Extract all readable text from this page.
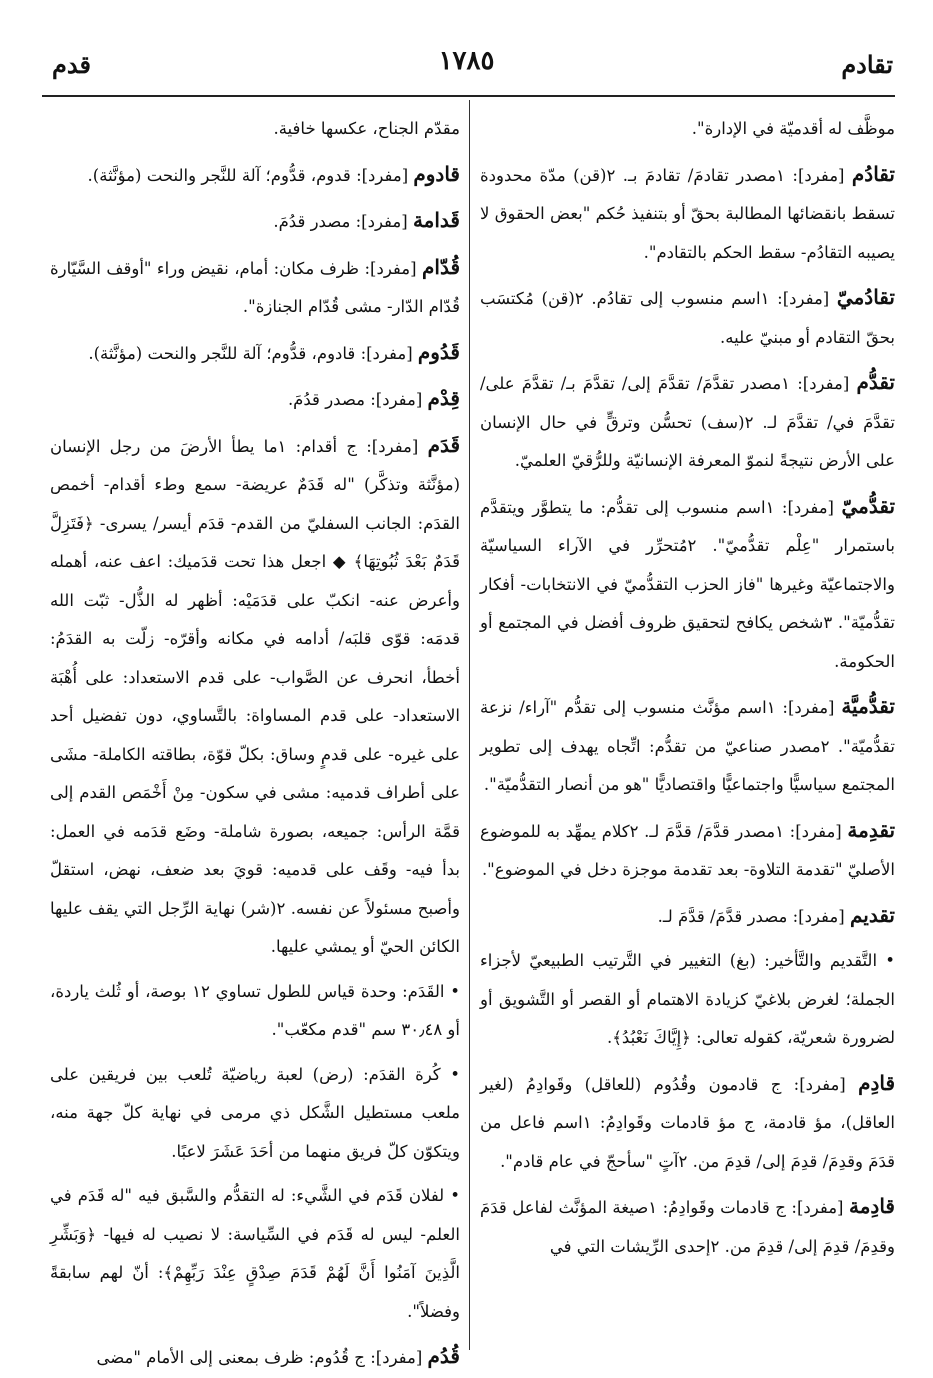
تقادم
١٧٨٥
قدم

موظَّف له أقدميّة في الإدارة".

تقادُم [مفرد]: ١مصدر تقادمَ/ تقادمَ بـ. ٢(قن) مدّة محدودة تسقط بانقضائها المطالبة بحقّ أو بتنفيذ حُكم "بعض الحقوق لا يصيبه التقادُم- سقط الحكم بالتقادم".

تقادُميّ [مفرد]: ١اسم منسوب إلى تقادُم. ٢(قن) مُكتسَب بحقّ التقادم أو مبنيّ عليه.

تقدُّم [مفرد]: ١مصدر تقدَّمَ/ تقدَّمَ إلى/ تقدَّمَ بـ/ تقدَّمَ على/ تقدَّمَ في/ تقدَّمَ لـ. ٢(سف) تحسُّن وترقٍّ في حال الإنسان على الأرض نتيجةً لنموّ المعرفة الإنسانيّة وللرُّقيّ العلميّ.

تقدُّميّ [مفرد]: ١اسم منسوب إلى تقدُّم: ما يتطوَّر ويتقدَّم باستمرار "عِلْم تقدُّميّ". ٢مُتحرِّر في الآراء السياسيّة والاجتماعيّة وغيرها "فاز الحزب التقدُّميّ في الانتخابات- أفكار تقدُّميّة". ٣شخص يكافح لتحقيق ظروف أفضل في المجتمع أو الحكومة.

تقدُّميَّة [مفرد]: ١اسم مؤنَّث منسوب إلى تقدُّم "آراء/ نزعة تقدُّميّة". ٢مصدر صناعيّ من تقدُّم: اتِّجاه يهدف إلى تطوير المجتمع سياسيًّا واجتماعيًّا واقتصاديًّا "هو من أنصار التقدُّميّة".

تقدِمة [مفرد]: ١مصدر قدَّمَ/ قدَّمَ لـ. ٢كلام يمهِّد به للموضوع الأصليّ "تقدمة التلاوة- بعد تقدمة موجزة دخل في الموضوع".

تقديم [مفرد]: مصدر قدَّمَ/ قدَّمَ لـ.

• التَّقديم والتَّأخير: (بغ) التغيير في التَّرتيب الطبيعيّ لأجزاء الجملة؛ لغرض بلاغيّ كزيادة الاهتمام أو القصر أو التَّشويق أو لضرورة شعريّة، كقوله تعالى: ﴿إِيَّاكَ نَعْبُدُ﴾.

قادِم [مفرد]: ج قادمون وقُدُوم (للعاقل) وقَوادِمُ (لغير العاقل)، مؤ قادمة، ج مؤ قادمات وقَوادِمُ: ١اسم فاعل من قدَمَ وقدِمَ/ قدِمَ إلى/ قدِمَ من. ٢آتٍ "سأحجّ في عام قادم".

قادِمة [مفرد]: ج قادمات وقَوادِمُ: ١صيغة المؤنَّث لفاعل قدَمَ وقدِمَ/ قدِمَ إلى/ قدِمَ من. ٢إحدى الرِّيشات التي في

مقدّم الجناح، عكسها خافية.

قادوم [مفرد]: قدوم، قدُّوم؛ آلة للنَّجر والنحت (مؤنَّثة).

قَدامة [مفرد]: مصدر قدُمَ.

قُدّام [مفرد]: ظرف مكان: أمام، نقيض وراء "أوقف السَّيّارة قُدّام الدّار- مشى قُدّام الجنازة".

قَدُوم [مفرد]: قادوم، قدُّوم؛ آلة للنَّجر والنحت (مؤنَّثة).

قِدْم [مفرد]: مصدر قدُمَ.

قَدَم [مفرد]: ج أقدام: ١ما يطأ الأرضَ من رجل الإنسان (مؤنَّثة وتذكَّر) "له قَدَمٌ عريضة- سمع وطء أقدام- أخمص القدَم: الجانب السفليّ من القدم- قدَم أيسر/ يسرى- ﴿فَتَزِلَّ قَدَمٌ بَعْدَ ثُبُوتِهَا﴾ ◆ اجعل هذا تحت قدَميك: اعف عنه، أهمله وأعرض عنه- انكبّ على قدَمَيْه: أظهر له الذُّل- ثبّت الله قدمَه: قوّى قلبَه/ أدامه في مكانه وأقرّه- زلّت به القدَمُ: أخطأ، انحرف عن الصَّواب- على قدم الاستعداد: على أُهْبَة الاستعداد- على قدم المساواة: بالتَّساوي، دون تفضيل أحد على غيره- على قدمٍ وساق: بكلّ قوّة، بطاقته الكاملة- مشَى على أطراف قدميه: مشى في سكون- مِنْ أَخْمَص القدم إلى قمَّة الرأس: جميعه، بصورة شاملة- وضَع قدَمه في العمل: بدأ فيه- وقَف على قدميه: قويَ بعد ضعف، نهض، استقلّ وأصبح مسئولاً عن نفسه. ٢(شر) نهاية الرِّجل التي يقف عليها الكائن الحيّ أو يمشي عليها.

• القَدَم: وحدة قياس للطول تساوي ١٢ بوصة، أو ثُلث ياردة، أو ٣٠٫٤٨ سم "قدم مكعّب".

• كُرة القدَم: (رض) لعبة رياضيّة تُلعب بين فريقين على ملعب مستطيل الشَّكل ذي مرمى في نهاية كلّ جهة منه، ويتكوّن كلّ فريق منهما من أحَدَ عَشَرَ لاعبًا.

• لفلان قَدَم في الشَّيء: له التقدُّم والسَّبق فيه "له قَدَم في العلم- ليس له قَدَم في السِّياسة: لا نصيب له فيها- ﴿وَبَشِّرِ الَّذِينَ آمَنُوا أَنَّ لَهُمْ قَدَمَ صِدْقٍ عِنْدَ رَبِّهِمْ﴾: أنّ لهم سابقةً وفضلاً".

قُدُم [مفرد]: ج قُدُوم: ظرف بمعنى إلى الأمام "مضى
